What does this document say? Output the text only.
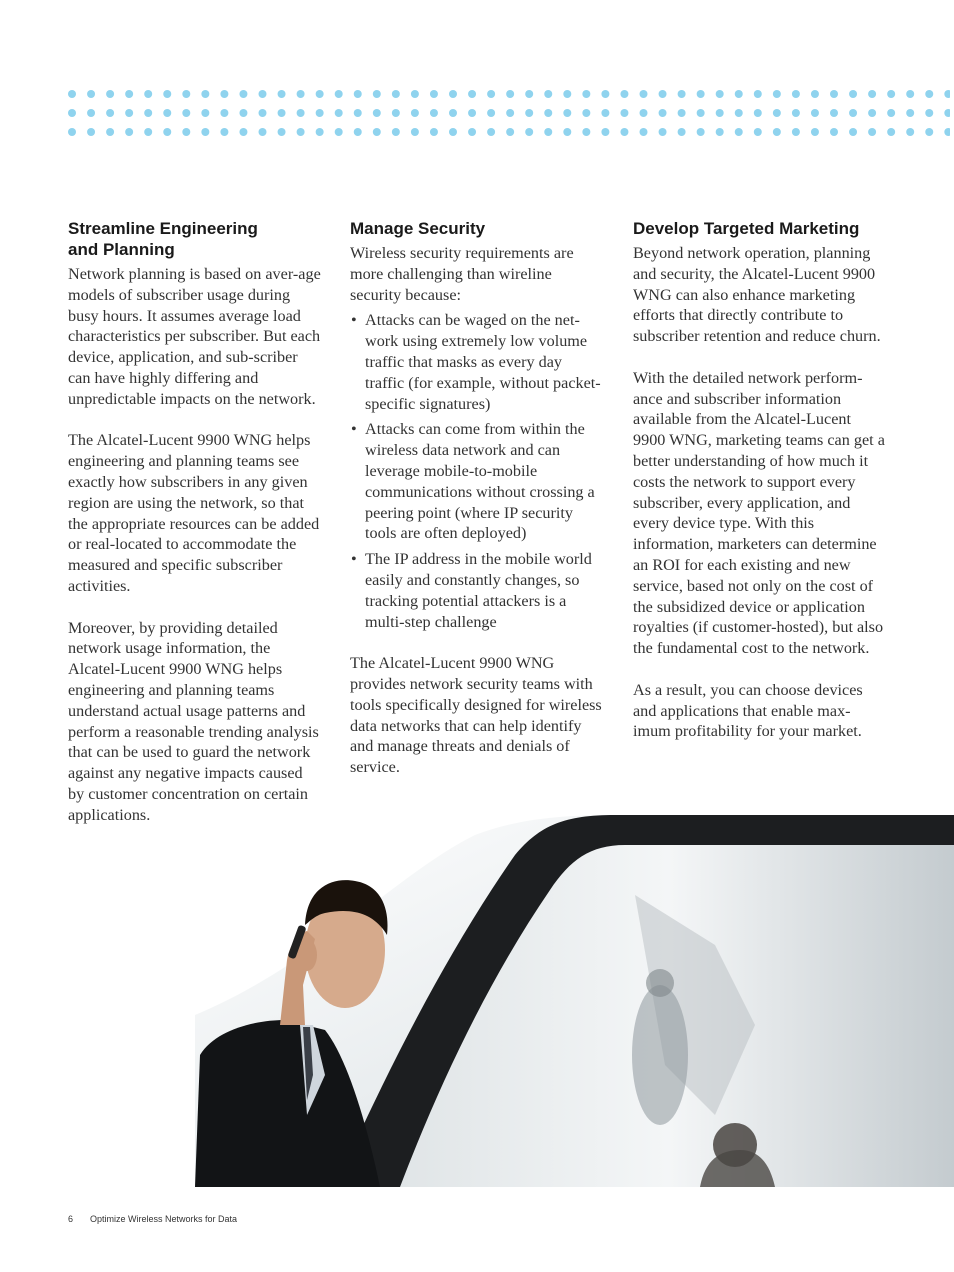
Streamline Engineering and Planning

Network planning is based on aver-age models of subscriber usage during busy hours. It assumes average load characteristics per subscriber. But each device, application, and sub-scriber can have highly differing and unpredictable impacts on the network.

The Alcatel-Lucent 9900 WNG helps engineering and planning teams see exactly how subscribers in any given region are using the network, so that the appropriate resources can be added or real-located to accommodate the measured and specific subscriber activities.

Moreover, by providing detailed network usage information, the Alcatel-Lucent 9900 WNG helps engineering and planning teams understand actual usage patterns and perform a reasonable trending analysis that can be used to guard the network against any negative impacts caused by customer concentration on certain applications.

Manage Security

Wireless security requirements are more challenging than wireline security because:

• Attacks can be waged on the net-work using extremely low volume traffic that masks as every day traffic (for example, without packet-specific signatures)
• Attacks can come from within the wireless data network and can leverage mobile-to-mobile communications without crossing a peering point (where IP security tools are often deployed)
• The IP address in the mobile world easily and constantly changes, so tracking potential attackers is a multi-step challenge

The Alcatel-Lucent 9900 WNG provides network security teams with tools specifically designed for wireless data networks that can help identify and manage threats and denials of service.

Develop Targeted Marketing

Beyond network operation, planning and security, the Alcatel-Lucent 9900 WNG can also enhance marketing efforts that directly contribute to subscriber retention and reduce churn.

With the detailed network perform-ance and subscriber information available from the Alcatel-Lucent 9900 WNG, marketing teams can get a better understanding of how much it costs the network to support every subscriber, every application, and every device type. With this information, marketers can determine an ROI for each existing and new service, based not only on the cost of the subsidized device or application royalties (if customer-hosted), but also the fundamental cost to the network.

As a result, you can choose devices and applications that enable max-imum profitability for your market.

6 Optimize Wireless Networks for Data
